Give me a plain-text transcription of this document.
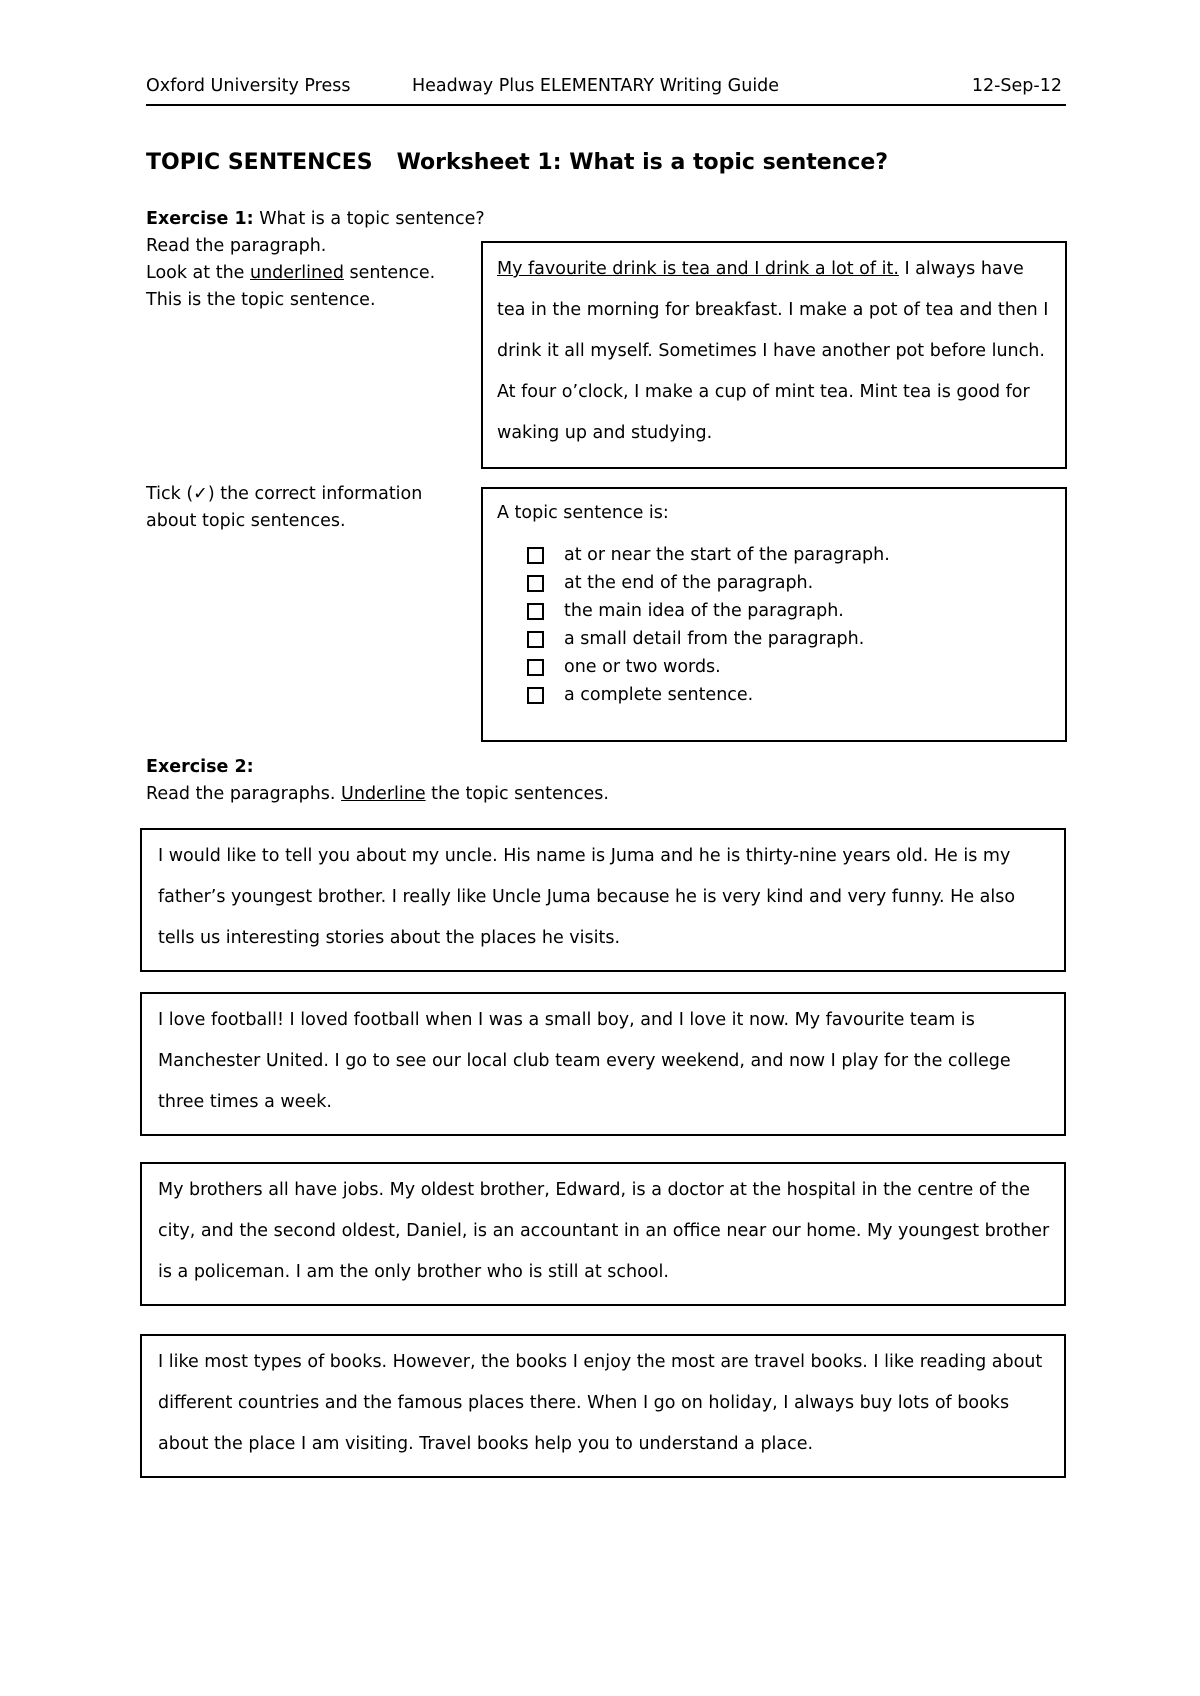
Oxford University Press	Headway Plus ELEMENTARY Writing Guide	12-Sep-12
TOPIC SENTENCES Worksheet 1: What is a topic sentence?
Exercise 1: What is a topic sentence?
Read the paragraph.
Look at the underlined sentence.
This is the topic sentence.

My favourite drink is tea and I drink a lot of it. I always have tea in the morning for breakfast. I make a pot of tea and then I drink it all myself. Sometimes I have another pot before lunch. At four o’clock, I make a cup of mint tea. Mint tea is good for waking up and studying.

Tick (✓) the correct information
about topic sentences.	A topic sentence is:
at or near the start of the paragraph.
at the end of the paragraph.
the main idea of the paragraph.
a small detail from the paragraph.
one or two words.
a complete sentence.
Exercise 2:
Read the paragraphs. Underline the topic sentences.

I would like to tell you about my uncle. His name is Juma and he is thirty-nine years old. He is my father’s youngest brother. I really like Uncle Juma because he is very kind and very funny. He also tells us interesting stories about the places he visits.

I love football! I loved football when I was a small boy, and I love it now. My favourite team is Manchester United. I go to see our local club team every weekend, and now I play for the college three times a week.

My brothers all have jobs. My oldest brother, Edward, is a doctor at the hospital in the centre of the city, and the second oldest, Daniel, is an accountant in an office near our home. My youngest brother is a policeman. I am the only brother who is still at school.

I like most types of books. However, the books I enjoy the most are travel books. I like reading about different countries and the famous places there. When I go on holiday, I always buy lots of books about the place I am visiting. Travel books help you to understand a place.
